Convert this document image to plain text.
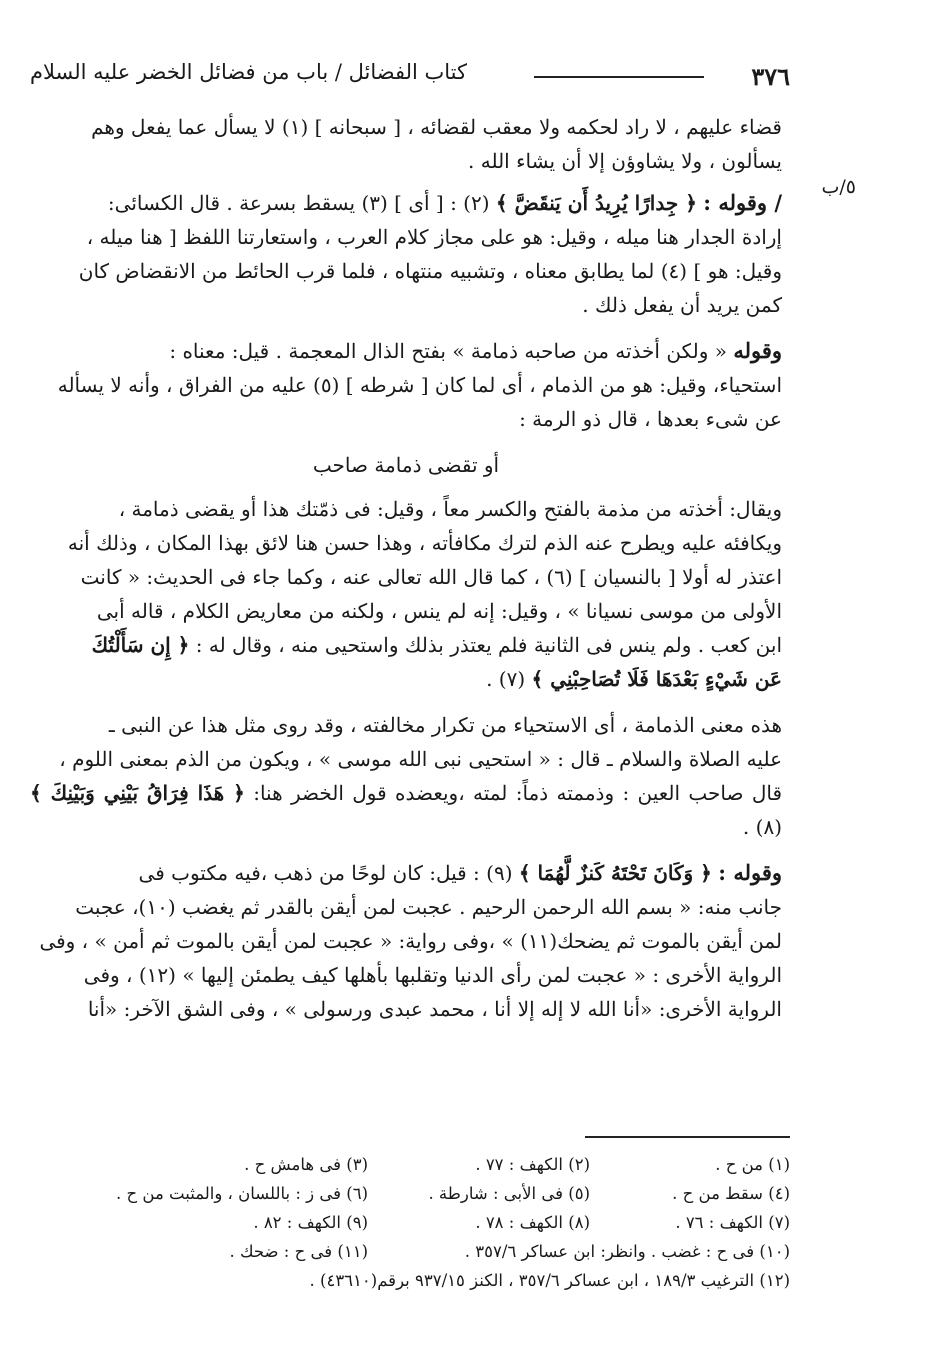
٣٧٦
كتاب الفضائل / باب من فضائل الخضر عليه السلام
٥/ب

قضاء عليهم ، لا راد لحكمه ولا معقب لقضائه ، [ سبحانه ] (١) لا يسأل عما يفعل وهم

يسألون ، ولا يشاوؤن إلا أن يشاء الله .

/ وقوله : ﴿ جِدارًا يُرِيدُ أَن يَنقَضَّ ﴾ (٢) : [ أى ] (٣) يسقط بسرعة . قال الكسائى:

إرادة الجدار هنا ميله ، وقيل: هو على مجاز كلام العرب ، واستعارتنا اللفظ [ هنا ميله ،

وقيل: هو ] (٤) لما يطابق معناه ، وتشبيه منتهاه ، فلما قرب الحائط من الانقضاض كان

كمن يريد أن يفعل ذلك .

وقوله « ولكن أخذته من صاحبه ذمامة » بفتح الذال المعجمة . قيل: معناه :

استحياء، وقيل: هو من الذمام ، أى لما كان [ شرطه ] (٥) عليه من الفراق ، وأنه لا يسأله

عن شىء بعدها ، قال ذو الرمة :

أو تقضى ذمامة صاحب

ويقال: أخذته من مذمة بالفتح والكسر معاً ، وقيل: فى ذمّتك هذا أو يقضى ذمامة ،

ويكافئه عليه ويطرح عنه الذم لترك مكافأته ، وهذا حسن هنا لائق بهذا المكان ، وذلك أنه

اعتذر له أولا [ بالنسيان ] (٦) ، كما قال الله تعالى عنه ، وكما جاء فى الحديث: « كانت

الأولى من موسى نسيانا » ، وقيل: إنه لم ينس ، ولكنه من معاريض الكلام ، قاله أبى

ابن كعب . ولم ينس فى الثانية فلم يعتذر بذلك واستحيى منه ، وقال له : ﴿ إِن سَأَلْتُكَ

عَن شَيْءٍ بَعْدَهَا فَلَا تُصَاحِبْنِي ﴾ (٧) .

هذه معنى الذمامة ، أى الاستحياء من تكرار مخالفته ، وقد روى مثل هذا عن النبى ـ

عليه الصلاة والسلام ـ قال : « استحيى نبى الله موسى » ، ويكون من الذم بمعنى اللوم ،

قال صاحب العين : وذممته ذماً: لمته ،ويعضده قول الخضر هنا: ﴿ هَذَا فِرَاقُ بَيْنِي وَبَيْنِكَ ﴾ (٨) .

وقوله : ﴿ وَكَانَ تَحْتَهُ كَنزٌ لَّهُمَا ﴾ (٩) : قيل: كان لوحًا من ذهب ،فيه مكتوب فى

جانب منه: « بسم الله الرحمن الرحيم . عجبت لمن أيقن بالقدر ثم يغضب (١٠)، عجبت

لمن أيقن بالموت ثم يضحك(١١) » ،وفى رواية: « عجبت لمن أيقن بالموت ثم أمن » ، وفى

الرواية الأخرى : « عجبت لمن رأى الدنيا وتقلبها بأهلها كيف يطمئن إليها » (١٢) ، وفى

الرواية الأخرى: «أنا الله لا إله إلا أنا ، محمد عبدى ورسولى » ، وفى الشق الآخر: «أنا

(١) من ح .
(٢) الكهف : ٧٧ .
(٣) فى هامش ح .
(٤) سقط من ح .
(٥) فى الأبى : شارطة .
(٦) فى ز : باللسان ، والمثبت من ح .
(٧) الكهف : ٧٦ .
(٨) الكهف : ٧٨ .
(٩) الكهف : ٨٢ .
(١٠) فى ح : غضب . وانظر: ابن عساكر ٣٥٧/٦ .
(١١) فى ح : ضحك .
(١٢) الترغيب ١٨٩/٣ ، ابن عساكر ٣٥٧/٦ ، الكنز ٩٣٧/١٥ برقم(٤٣٦١٠) .
